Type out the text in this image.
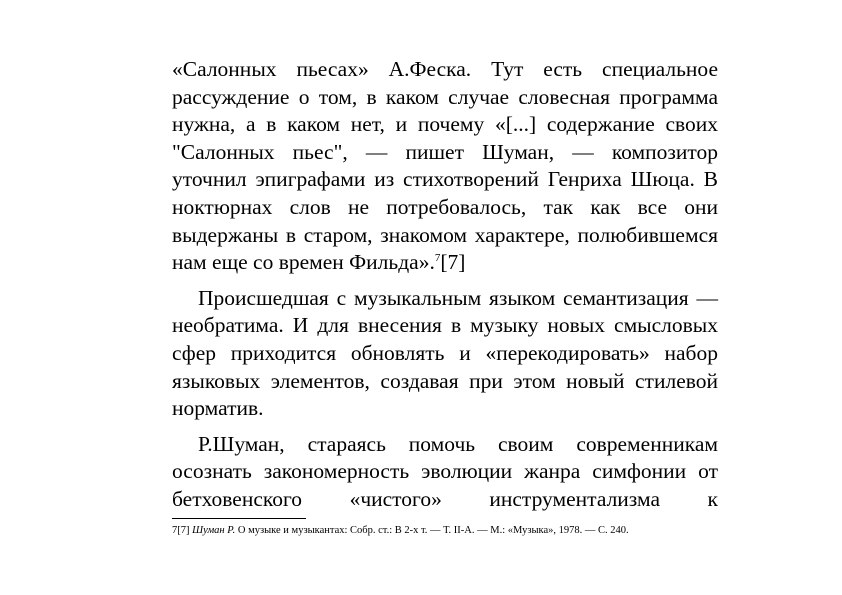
«Салонных пьесах» А.Феска. Тут есть специальное рассуждение о том, в каком случае словесная программа нужна, а в каком нет, и почему «[...] содержание своих "Салонных пьес", — пишет Шуман, — композитор уточнил эпиграфами из стихотворений Генриха Шюца. В ноктюрнах слов не потребовалось, так как все они выдержаны в старом, знакомом характере, полюбившемся нам еще со времен Фильда».$^7$[7]

Происшедшая с музыкальным языком семантизация — необратима. И для внесения в музыку новых смысловых сфер приходится обновлять и «перекодировать» набор языковых элементов, создавая при этом новый стилевой норматив.

Р.Шуман, стараясь помочь своим современникам осознать закономерность эволюции жанра симфонии от бетховенского «чистого» инструментализма к

7[7] Шуман Р. О музыке и музыкантах: Собр. ст.: В 2-х т. — Т. II-А. — М.: «Музыка», 1978. — С. 240.
